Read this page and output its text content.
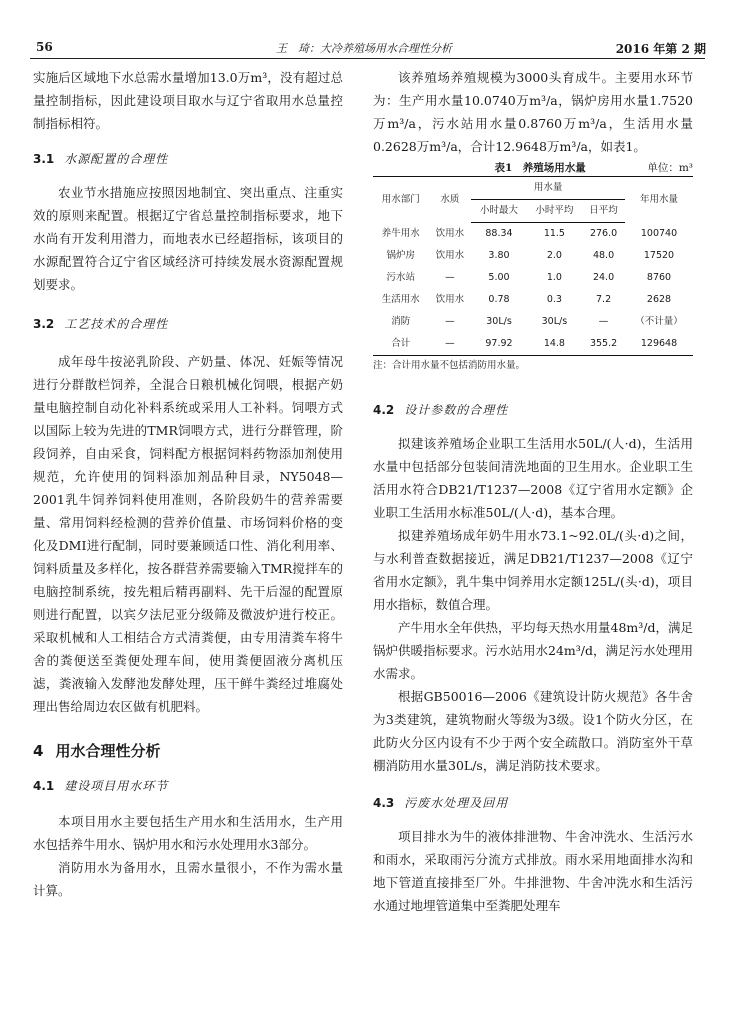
56	王　琦：大冷养殖场用水合理性分析	2016 年第 2 期

实施后区域地下水总需水量增加13.0万m³，没有超过总量控制指标，因此建设项目取水与辽宁省取用水总量控制指标相符。

3.1 水源配置的合理性

农业节水措施应按照因地制宜、突出重点、注重实效的原则来配置。根据辽宁省总量控制指标要求，地下水尚有开发利用潜力，而地表水已经超指标，该项目的水源配置符合辽宁省区域经济可持续发展水资源配置规划要求。

3.2 工艺技术的合理性

成年母牛按泌乳阶段、产奶量、体况、妊娠等情况进行分群散栏饲养，全混合日粮机械化饲喂，根据产奶量电脑控制自动化补料系统或采用人工补料。饲喂方式以国际上较为先进的TMR饲喂方式，进行分群管理，阶段饲养，自由采食，饲料配方根据饲料药物添加剂使用规范，允许使用的饲料添加剂品种目录，NY5048—2001乳牛饲养饲料使用准则，各阶段奶牛的营养需要量、常用饲料经检测的营养价值量、市场饲料价格的变化及DMI进行配制，同时要兼顾适口性、消化利用率、饲料质量及多样化，按各群营养需要输入TMR搅拌车的电脑控制系统，按先粗后精再副料、先干后湿的配置原则进行配置，以宾夕法尼亚分级筛及微波炉进行校正。采取机械和人工相结合方式清粪便，由专用清粪车将牛舍的粪便送至粪便处理车间，使用粪便固液分离机压滤，粪液输入发酵池发酵处理，压干鲜牛粪经过堆腐处理出售给周边农区做有机肥料。

4 用水合理性分析
4.1 建设项目用水环节

本项目用水主要包括生产用水和生活用水，生产用水包括养牛用水、锅炉用水和污水处理用水3部分。

消防用水为备用水，且需水量很小，不作为需水量计算。

该养殖场养殖规模为3000头育成牛。主要用水环节为：生产用水量10.0740万m³/a，锅炉房用水量1.7520万m³/a，污水站用水量0.8760万m³/a，生活用水量0.2628万m³/a，合计12.9648万m³/a，如表1。

表1　养殖场用水量	单位：m³
用水部门	水质	用水量			年用水量
		小时最大	小时平均	日平均	
养牛用水	饮用水	88.34	11.5	276.0	100740
锅炉房	饮用水	3.80	2.0	48.0	17520
污水站	—	5.00	1.0	24.0	8760
生活用水	饮用水	0.78	0.3	7.2	2628
消防	—	30L/s	30L/s	—	（不计量）
合计	—	97.92	14.8	355.2	129648
注：合计用水量不包括消防用水量。
4.2 设计参数的合理性

拟建该养殖场企业职工生活用水50L/(人·d)，生活用水量中包括部分包装间清洗地面的卫生用水。企业职工生活用水符合DB21/T1237—2008《辽宁省用水定额》企业职工生活用水标准50L/(人·d)，基本合理。

拟建养殖场成年奶牛用水73.1~92.0L/(头·d)之间，与水利普查数据接近，满足DB21/T1237—2008《辽宁省用水定额》，乳牛集中饲养用水定额125L/(头·d)，项目用水指标，数值合理。

产牛用水全年供热，平均每天热水用量48m³/d，满足锅炉供暖指标要求。污水站用水24m³/d，满足污水处理用水需求。

根据GB50016—2006《建筑设计防火规范》各牛舍为3类建筑，建筑物耐火等级为3级。设1个防火分区，在此防火分区内设有不少于两个安全疏散口。消防室外干草棚消防用水量30L/s，满足消防技术要求。

4.3 污废水处理及回用

项目排水为牛的液体排泄物、牛舍冲洗水、生活污水和雨水，采取雨污分流方式排放。雨水采用地面排水沟和地下管道直接排至厂外。牛排泄物、牛舍冲洗水和生活污水通过地埋管道集中至粪肥处理车
